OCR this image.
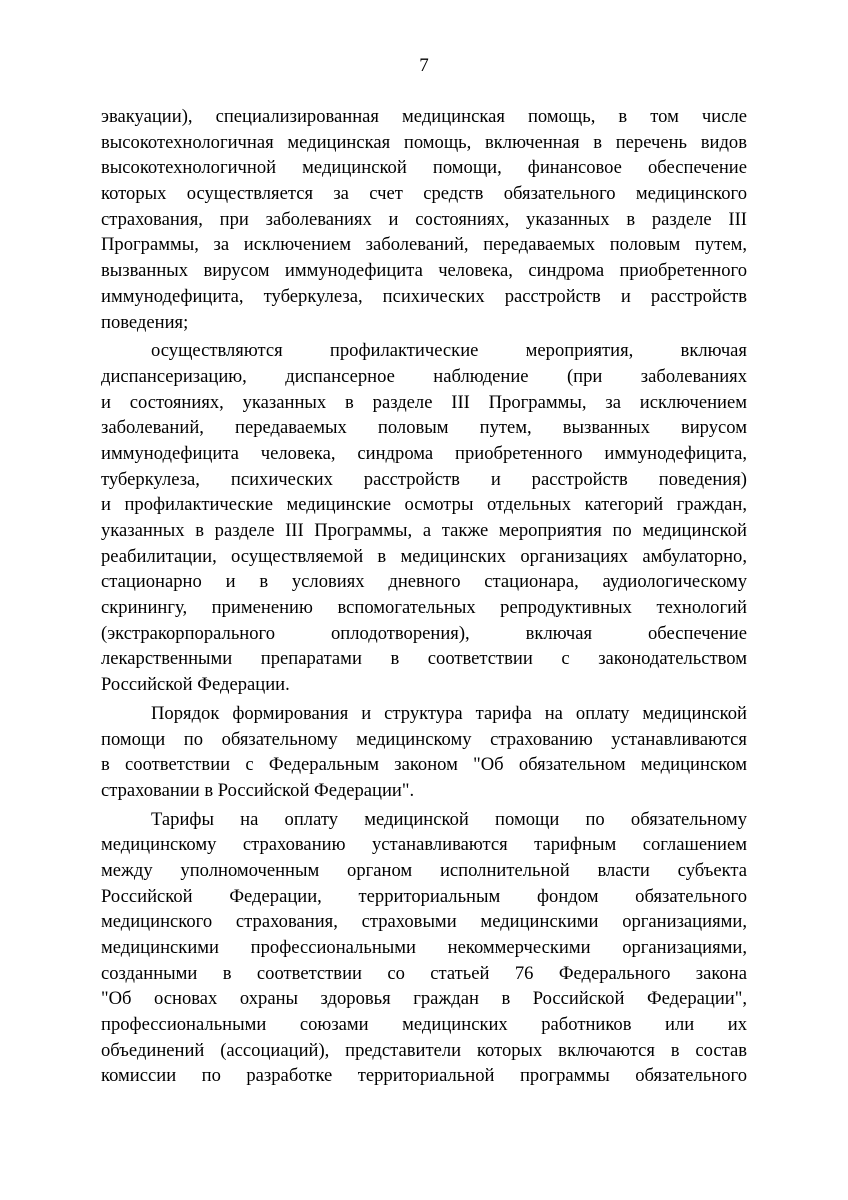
7
эвакуации), специализированная медицинская помощь, в том числе
высокотехнологичная медицинская помощь, включенная в перечень видов
высокотехнологичной медицинской помощи, финансовое обеспечение
которых осуществляется за счет средств обязательного медицинского
страхования, при заболеваниях и состояниях, указанных в разделе III
Программы, за исключением заболеваний, передаваемых половым путем,
вызванных вирусом иммунодефицита человека, синдрома приобретенного
иммунодефицита, туберкулеза, психических расстройств и расстройств
поведения;
осуществляются профилактические мероприятия, включая
диспансеризацию, диспансерное наблюдение (при заболеваниях
и состояниях, указанных в разделе III Программы, за исключением
заболеваний, передаваемых половым путем, вызванных вирусом
иммунодефицита человека, синдрома приобретенного иммунодефицита,
туберкулеза, психических расстройств и расстройств поведения)
и профилактические медицинские осмотры отдельных категорий граждан,
указанных в разделе III Программы, а также мероприятия по медицинской
реабилитации, осуществляемой в медицинских организациях амбулаторно,
стационарно и в условиях дневного стационара, аудиологическому
скринингу, применению вспомогательных репродуктивных технологий
(экстракорпорального оплодотворения), включая обеспечение
лекарственными препаратами в соответствии с законодательством
Российской Федерации.
Порядок формирования и структура тарифа на оплату медицинской
помощи по обязательному медицинскому страхованию устанавливаются
в соответствии с Федеральным законом "Об обязательном медицинском
страховании в Российской Федерации".
Тарифы на оплату медицинской помощи по обязательному
медицинскому страхованию устанавливаются тарифным соглашением
между уполномоченным органом исполнительной власти субъекта
Российской Федерации, территориальным фондом обязательного
медицинского страхования, страховыми медицинскими организациями,
медицинскими профессиональными некоммерческими организациями,
созданными в соответствии со статьей 76 Федерального закона
"Об основах охраны здоровья граждан в Российской Федерации",
профессиональными союзами медицинских работников или их
объединений (ассоциаций), представители которых включаются в состав
комиссии по разработке территориальной программы обязательного
